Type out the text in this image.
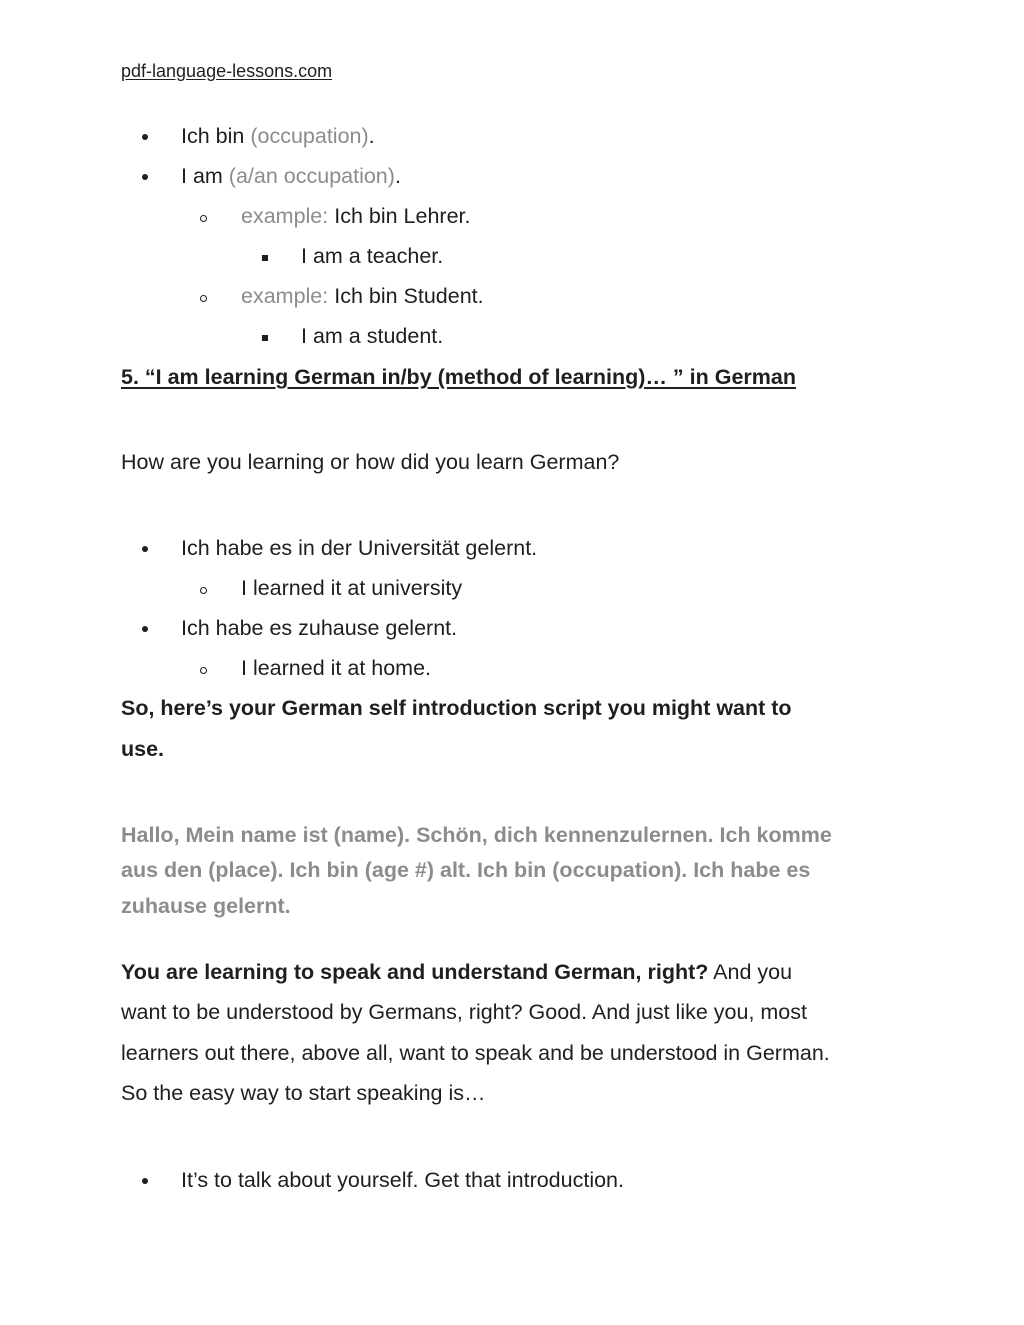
pdf-language-lessons.com
Ich bin (occupation).
I am (a/an occupation).
example: Ich bin Lehrer.
I am a teacher.
example: Ich bin Student.
I am a student.
5. “I am learning German in/by (method of learning)… ” in German
How are you learning or how did you learn German?
Ich habe es in der Universität gelernt.
I learned it at university
Ich habe es zuhause gelernt.
I learned it at home.
So, here’s your German self introduction script you might want to
use.
Hallo, Mein name ist (name). Schön, dich kennenzulernen. Ich komme
aus den (place). Ich bin (age #) alt. Ich bin (occupation). Ich habe es
zuhause gelernt.
You are learning to speak and understand German, right? And you
want to be understood by Germans, right? Good. And just like you, most
learners out there, above all, want to speak and be understood in German.
So the easy way to start speaking is…
It’s to talk about yourself. Get that introduction.
